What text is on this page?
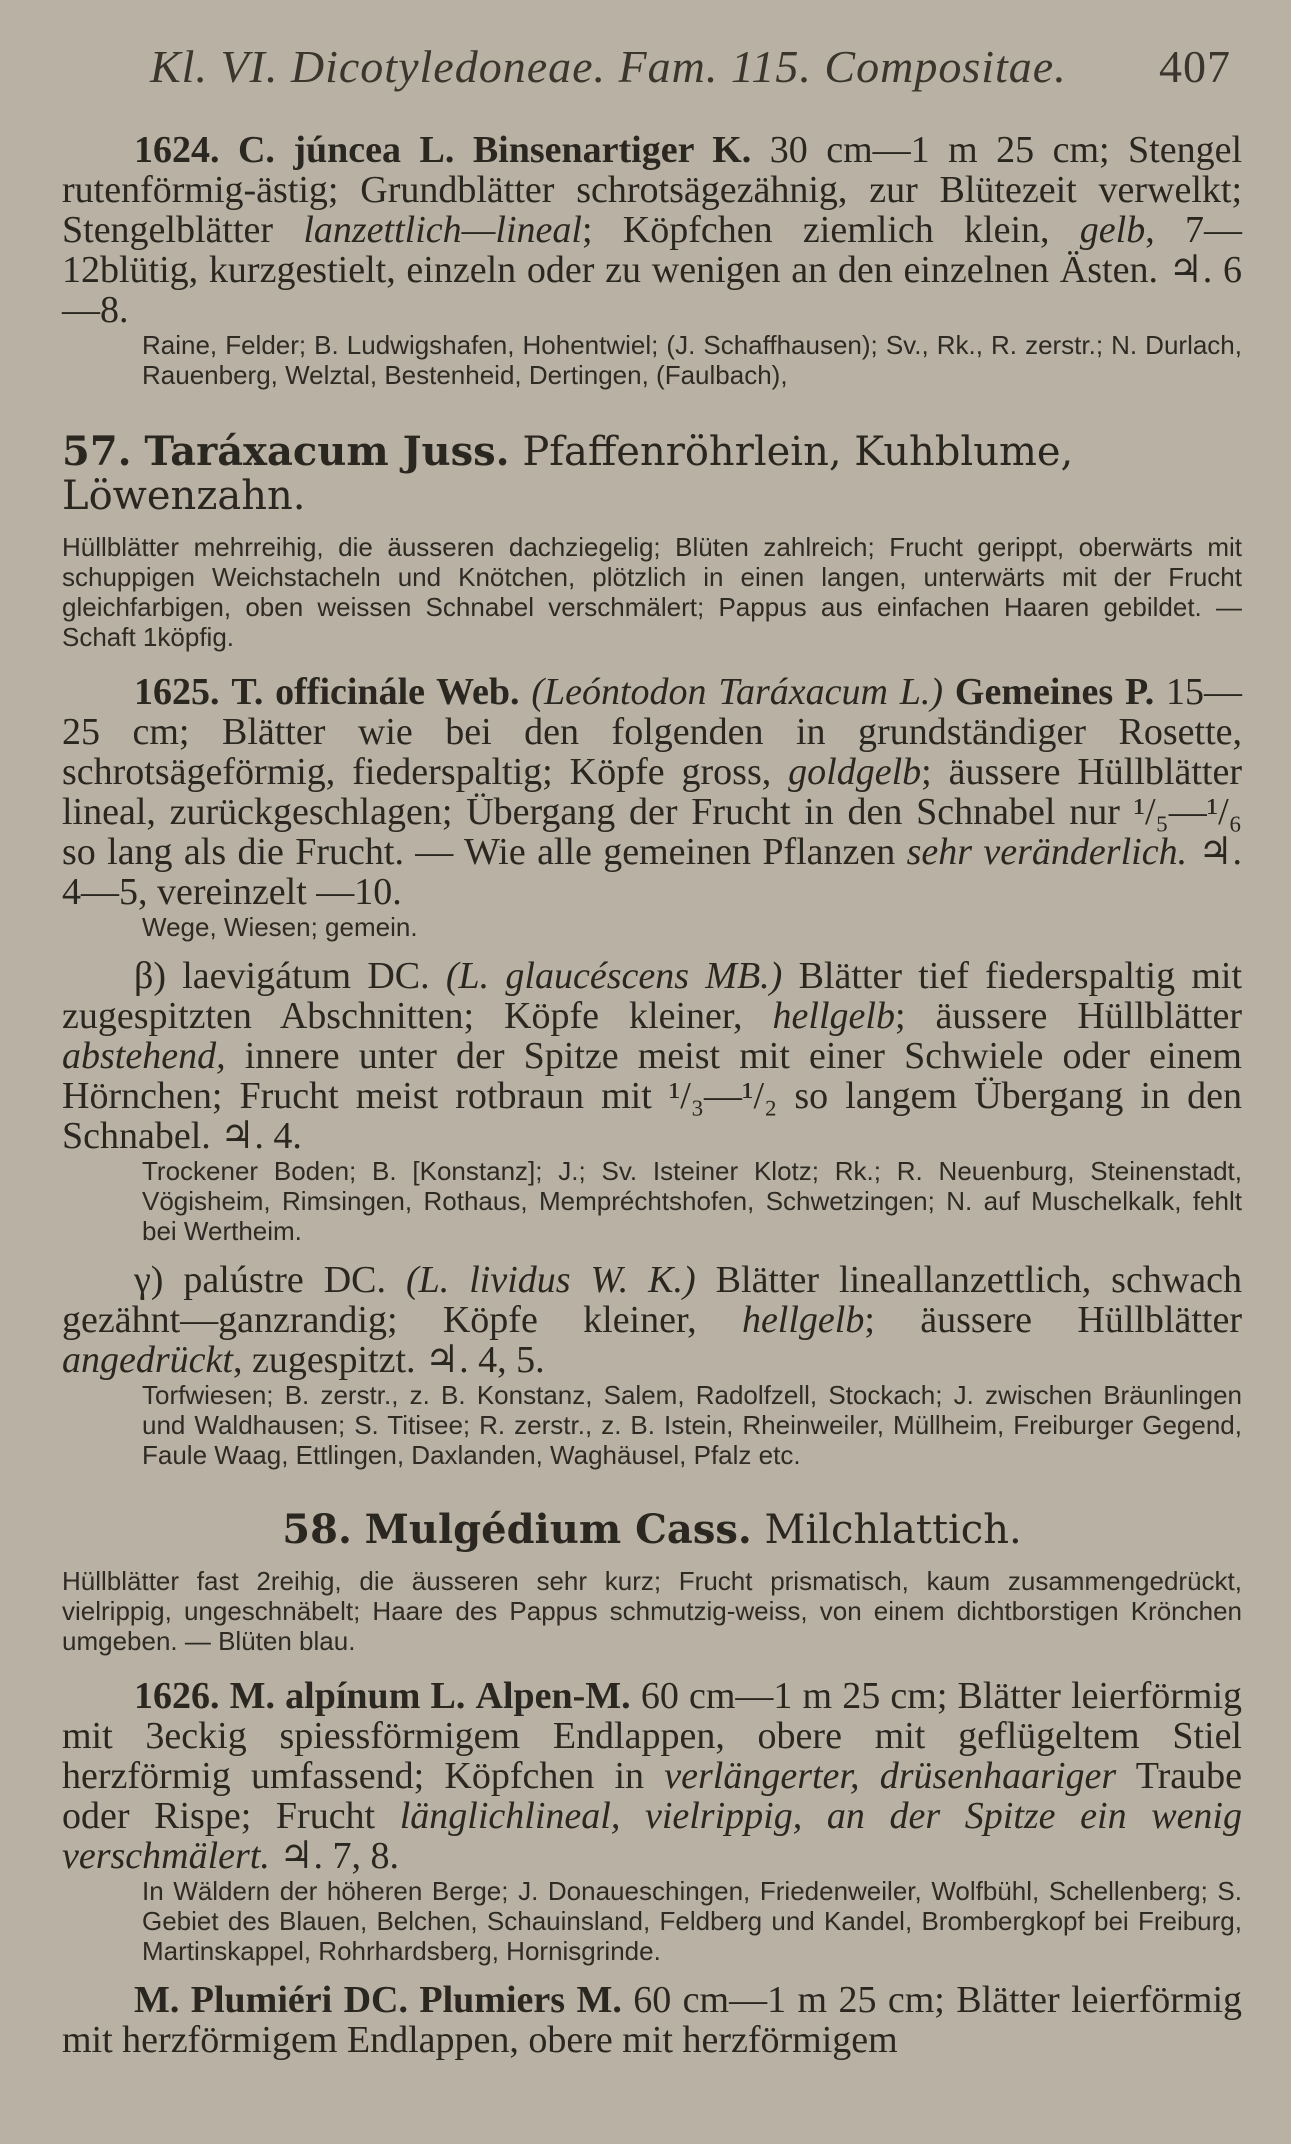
Kl. VI. Dicotyledoneae. Fam. 115. Compositae. 407
1624. C. júncea L. Binsenartiger K. 30 cm—1 m 25 cm; Stengel rutenförmig-ästig; Grundblätter schrotsägezähnig, zur Blütezeit verwelkt; Stengelblätter lanzettlich—lineal; Köpfchen ziemlich klein, gelb, 7—12blütig, kurzgestielt, einzeln oder zu wenigen an den einzelnen Ästen. ♃. 6—8.
Raine, Felder; B. Ludwigshafen, Hohentwiel; (J. Schaffhausen); Sv., Rk., R. zerstr.; N. Durlach, Rauenberg, Welztal, Bestenheid, Dertingen, (Faulbach),
57. Taráxacum Juss. Pfaffenröhrlein, Kuhblume, Löwenzahn.
Hüllblätter mehrreihig, die äusseren dachziegelig; Blüten zahlreich; Frucht gerippt, oberwärts mit schuppigen Weichstacheln und Knötchen, plötzlich in einen langen, unterwärts mit der Frucht gleichfarbigen, oben weissen Schnabel verschmälert; Pappus aus einfachen Haaren gebildet. — Schaft 1köpfig.
1625. T. officinále Web. (Leóntodon Taráxacum L.) Gemeines P. 15—25 cm; Blätter wie bei den folgenden in grundständiger Rosette, schrotsägeförmig, fiederspaltig; Köpfe gross, goldgelb; äussere Hüllblätter lineal, zurückgeschlagen; Übergang der Frucht in den Schnabel nur ¹/₅—¹/₆ so lang als die Frucht. — Wie alle gemeinen Pflanzen sehr veränderlich. ♃. 4—5, vereinzelt —10.
Wege, Wiesen; gemein.
β) laevigátum DC. (L. glaucéscens MB.) Blätter tief fiederspaltig mit zugespitzten Abschnitten; Köpfe kleiner, hellgelb; äussere Hüllblätter abstehend, innere unter der Spitze meist mit einer Schwiele oder einem Hörnchen; Frucht meist rotbraun mit ¹/₃—¹/₂ so langem Übergang in den Schnabel. ♃. 4.
Trockener Boden; B. [Konstanz]; J.; Sv. Isteiner Klotz; Rk.; R. Neuenburg, Steinenstadt, Vögisheim, Rimsingen, Rothaus, Mempréchtshofen, Schwetzingen; N. auf Muschelkalk, fehlt bei Wertheim.
γ) palústre DC. (L. lividus W. K.) Blätter lineallanzettlich, schwach gezähnt—ganzrandig; Köpfe kleiner, hellgelb; äussere Hüllblätter angedrückt, zugespitzt. ♃. 4, 5.
Torfwiesen; B. zerstr., z. B. Konstanz, Salem, Radolfzell, Stockach; J. zwischen Bräunlingen und Waldhausen; S. Titisee; R. zerstr., z. B. Istein, Rheinweiler, Müllheim, Freiburger Gegend, Faule Waag, Ettlingen, Daxlanden, Waghäusel, Pfalz etc.
58. Mulgédium Cass. Milchlattich.
Hüllblätter fast 2reihig, die äusseren sehr kurz; Frucht prismatisch, kaum zusammengedrückt, vielrippig, ungeschnäbelt; Haare des Pappus schmutzig-weiss, von einem dichtborstigen Krönchen umgeben. — Blüten blau.
1626. M. alpínum L. Alpen-M. 60 cm—1 m 25 cm; Blätter leierförmig mit 3eckig spiessförmigem Endlappen, obere mit geflügeltem Stiel herzförmig umfassend; Köpfchen in verlängerter, drüsenhaariger Traube oder Rispe; Frucht länglichlineal, vielrippig, an der Spitze ein wenig verschmälert. ♃. 7, 8.
In Wäldern der höheren Berge; J. Donaueschingen, Friedenweiler, Wolfbühl, Schellenberg; S. Gebiet des Blauen, Belchen, Schauinsland, Feldberg und Kandel, Brombergkopf bei Freiburg, Martinskappel, Rohrhardsberg, Hornisgrinde.
M. Plumiéri DC. Plumiers M. 60 cm—1 m 25 cm; Blätter leierförmig mit herzförmigem Endlappen, obere mit herzförmigem
